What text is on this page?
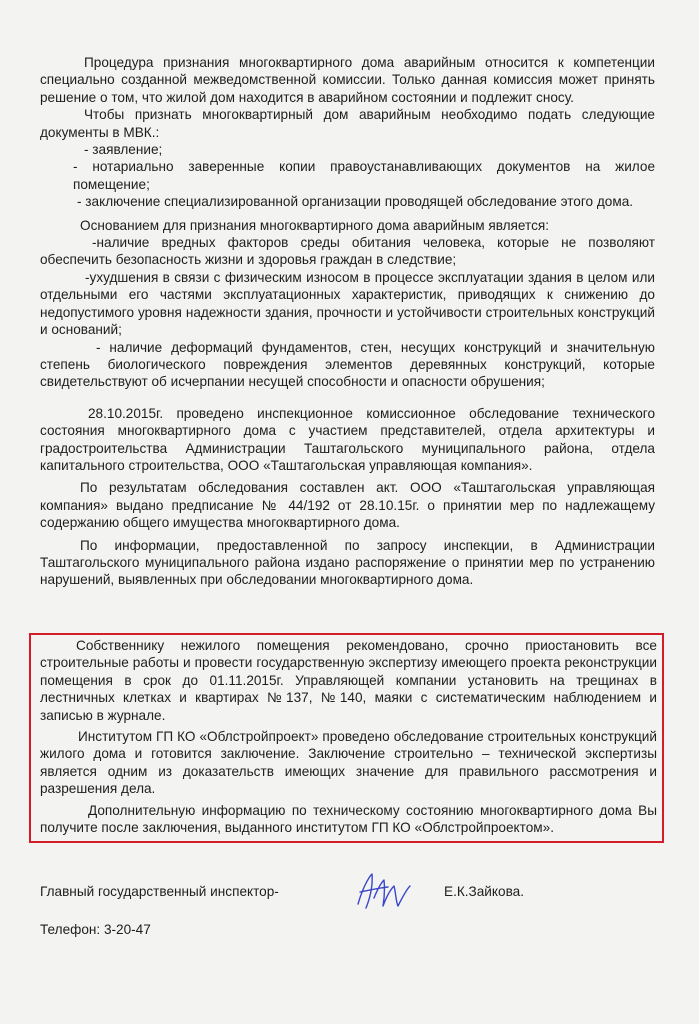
Процедура признания многоквартирного дома аварийным относится к компетенции специально созданной межведомственной комиссии. Только данная комиссия может принять решение о том, что жилой дом находится в аварийном состоянии и подлежит сносу.

Чтобы признать многоквартирный дом аварийным необходимо подать следующие документы в МВК.:

- заявление;

- нотариально заверенные копии правоустанавливающих документов на жилое помещение;

- заключение специализированной организации проводящей обследование этого дома.

Основанием для признания многоквартирного дома аварийным является:

-наличие вредных факторов среды обитания человека, которые не позволяют обеспечить безопасность жизни и здоровья граждан в следствие;

-ухудшения в связи с физическим износом в процессе эксплуатации здания в целом или отдельными его частями эксплуатационных характеристик, приводящих к снижению до недопустимого уровня надежности здания, прочности и устойчивости строительных конструкций и оснований;

- наличие деформаций фундаментов, стен, несущих конструкций и значительную степень биологического повреждения элементов деревянных конструкций, которые свидетельствуют об исчерпании несущей способности и опасности обрушения;

28.10.2015г. проведено инспекционное комиссионное обследование технического состояния многоквартирного дома с участием представителей, отдела архитектуры и градостроительства Администрации Таштагольского муниципального района, отдела капитального строительства, ООО «Таштагольская управляющая компания».

По результатам обследования составлен акт. ООО «Таштагольская управляющая компания» выдано предписание № 44/192 от 28.10.15г. о принятии мер по надлежащему содержанию общего имущества многоквартирного дома.

По информации, предоставленной по запросу инспекции, в Администрации Таштагольского муниципального района издано распоряжение о принятии мер по устранению нарушений, выявленных при обследовании многоквартирного дома.

Собственнику нежилого помещения рекомендовано, срочно приостановить все строительные работы и провести государственную экспертизу имеющего проекта реконструкции помещения в срок до 01.11.2015г. Управляющей компании установить на трещинах в лестничных клетках и квартирах №137, №140, маяки с систематическим наблюдением и записью в журнале.

Институтом ГП КО «Облстройпроект» проведено обследование строительных конструкций жилого дома и готовится заключение. Заключение строительно – технической экспертизы является одним из доказательств имеющих значение для правильного рассмотрения и разрешения дела.

Дополнительную информацию по техническому состоянию многоквартирного дома Вы получите после заключения, выданного институтом ГП КО «Облстройпроектом».

Главный государственный инспектор-	Е.К.Зайкова.
Телефон: 3-20-47
